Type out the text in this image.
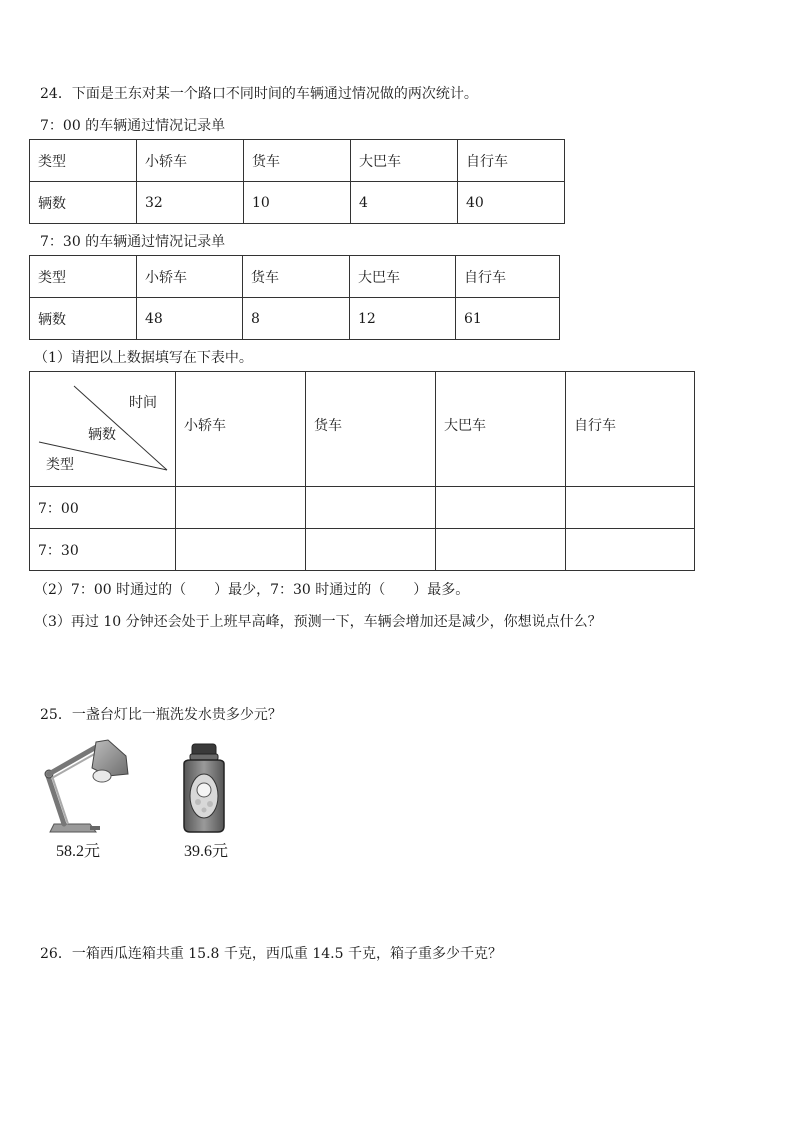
24．下面是王东对某一个路口不同时间的车辆通过情况做的两次统计。
7：00 的车辆通过情况记录单
类型	小轿车	货车	大巴车	自行车
辆数	32	10	4	40
7：30 的车辆通过情况记录单
类型	小轿车	货车	大巴车	自行车
辆数	48	8	12	61
（1）请把以上数据填写在下表中。
时间
辆数
类型	小轿车	货车	大巴车	自行车
7：00				
7：30				
（2）7：00 时通过的（　　）最少，7：30 时通过的（　　）最多。
（3）再过 10 分钟还会处于上班早高峰，预测一下，车辆会增加还是减少，你想说点什么？
25．一盏台灯比一瓶洗发水贵多少元？
58.2元	39.6元
26．一箱西瓜连箱共重 15.8 千克，西瓜重 14.5 千克，箱子重多少千克？
